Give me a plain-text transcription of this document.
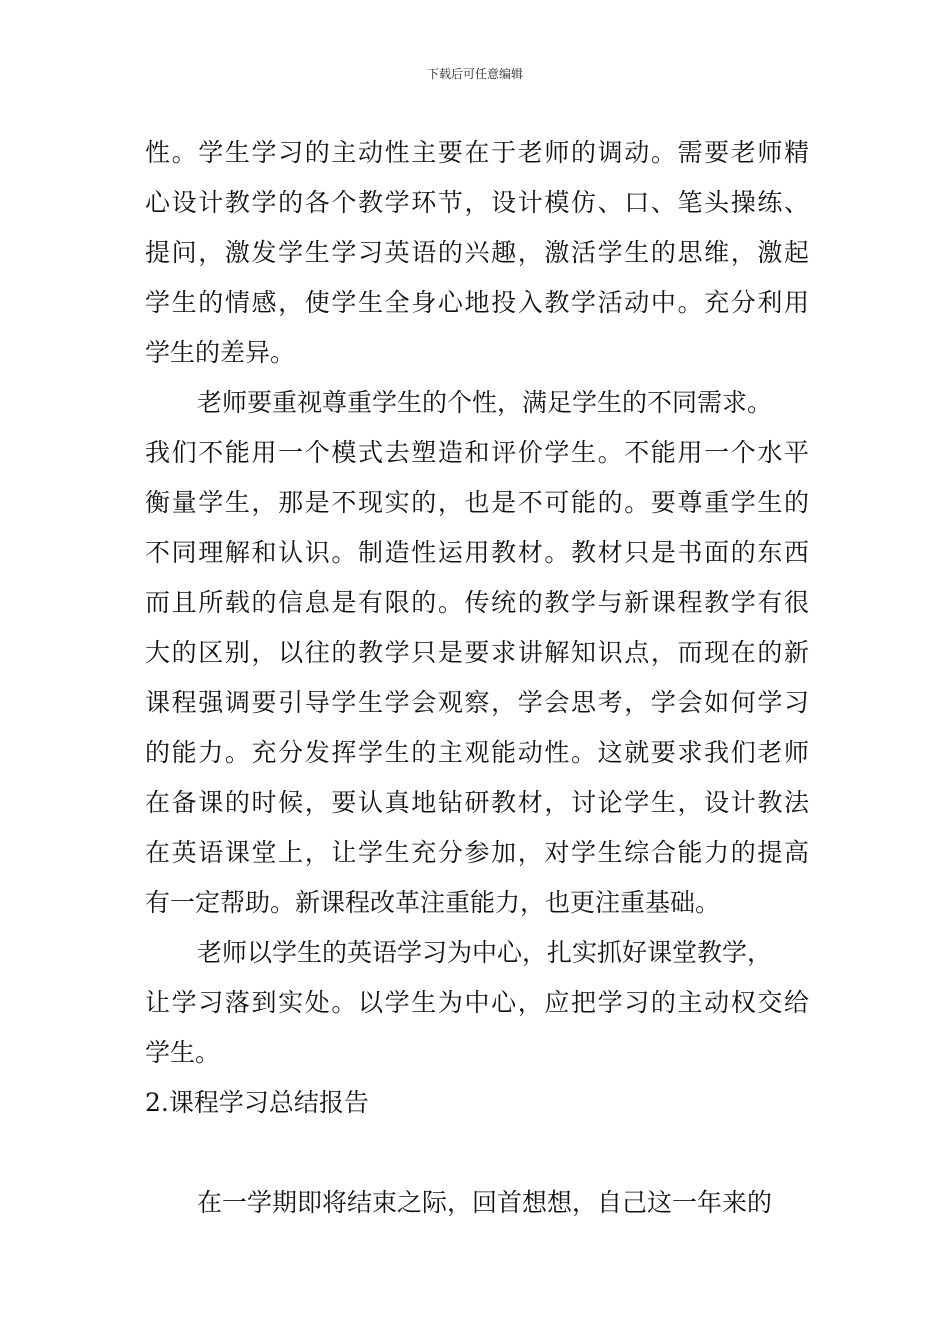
下载后可任意编辑
性。学生学习的主动性主要在于老师的调动。需要老师精
心设计教学的各个教学环节，设计模仿、口、笔头操练、
提问，激发学生学习英语的兴趣，激活学生的思维，激起
学生的情感，使学生全身心地投入教学活动中。充分利用
学生的差异。
老师要重视尊重学生的个性，满足学生的不同需求。
我们不能用一个模式去塑造和评价学生。不能用一个水平
衡量学生，那是不现实的，也是不可能的。要尊重学生的
不同理解和认识。制造性运用教材。教材只是书面的东西
而且所载的信息是有限的。传统的教学与新课程教学有很
大的区别，以往的教学只是要求讲解知识点，而现在的新
课程强调要引导学生学会观察，学会思考，学会如何学习
的能力。充分发挥学生的主观能动性。这就要求我们老师
在备课的时候，要认真地钻研教材，讨论学生，设计教法
在英语课堂上，让学生充分参加，对学生综合能力的提高
有一定帮助。新课程改革注重能力，也更注重基础。
老师以学生的英语学习为中心，扎实抓好课堂教学，
让学习落到实处。以学生为中心，应把学习的主动权交给
学生。
2.课程学习总结报告
在一学期即将结束之际，回首想想，自己这一年来的
